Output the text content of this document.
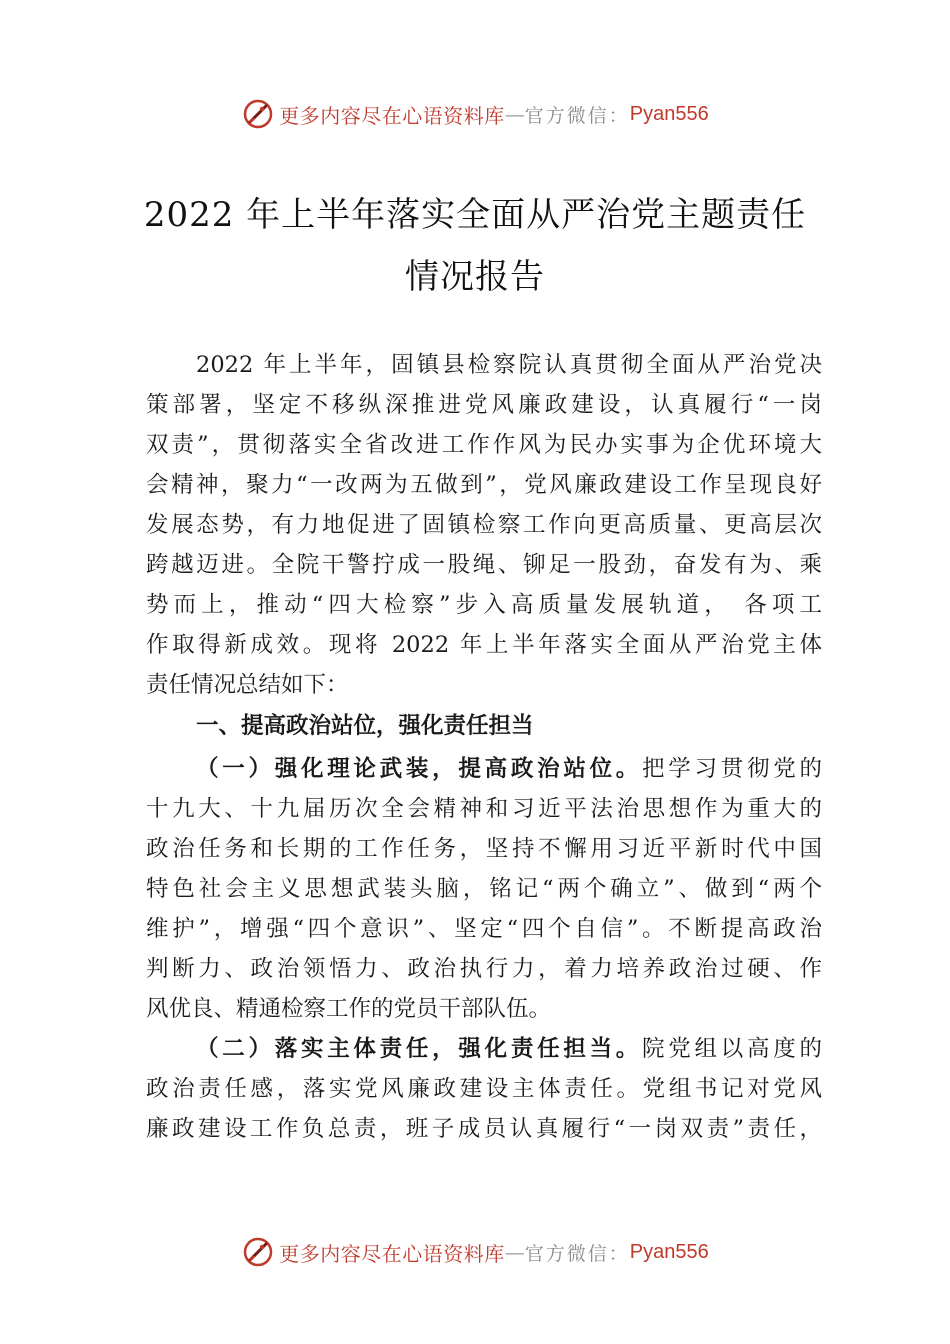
更多内容尽在心语资料库 — 官方微信： Pyan556
2022 年上半年落实全面从严治党主题责任
情况报告
2022 年上半年，固镇县检察院认真贯彻全面从严治党决
策部署，坚定不移纵深推进党风廉政建设，认真履行“一岗
双责”，贯彻落实全省改进工作作风为民办实事为企优环境大
会精神，聚力“一改两为五做到”，党风廉政建设工作呈现良好
发展态势，有力地促进了固镇检察工作向更高质量、更高层次
跨越迈进。全院干警拧成一股绳、铆足一股劲，奋发有为、乘
势而上，推动“四大检察”步入高质量发展轨道， 各项工
作取得新成效。现将 2022 年上半年落实全面从严治党主体
责任情况总结如下：
一、提高政治站位，强化责任担当
（一）强化理论武装，提高政治站位。把学习贯彻党的
十九大、十九届历次全会精神和习近平法治思想作为重大的
政治任务和长期的工作任务，坚持不懈用习近平新时代中国
特色社会主义思想武装头脑，铭记“两个确立”、做到“两个
维护”，增强“四个意识”、坚定“四个自信”。不断提高政治
判断力、政治领悟力、政治执行力，着力培养政治过硬、作
风优良、精通检察工作的党员干部队伍。
（二）落实主体责任，强化责任担当。院党组以高度的
政治责任感，落实党风廉政建设主体责任。党组书记对党风
廉政建设工作负总责，班子成员认真履行“一岗双责”责任，
更多内容尽在心语资料库 — 官方微信： Pyan556
